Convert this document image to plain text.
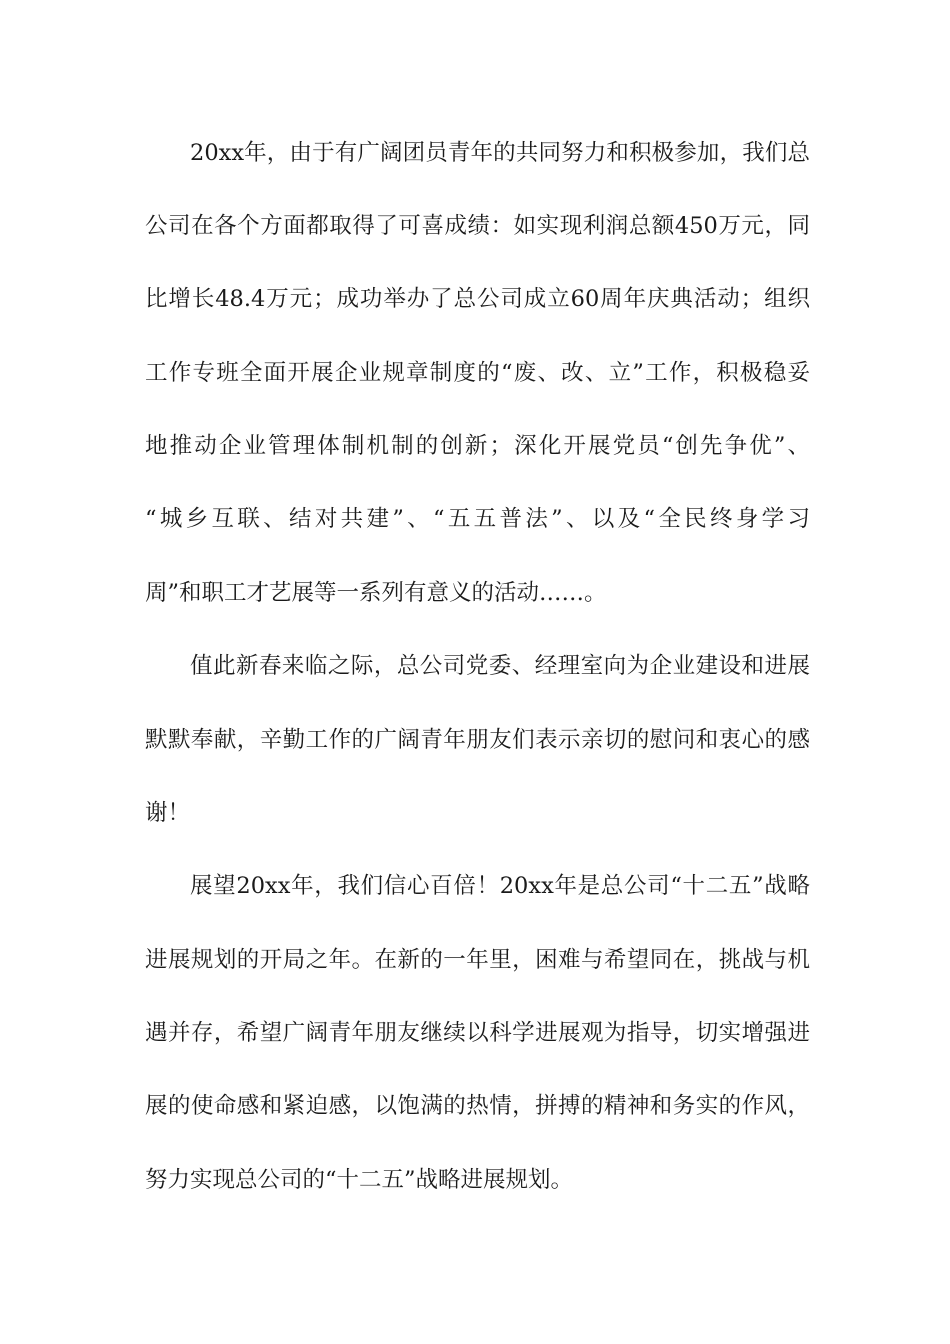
20xx年，由于有广阔团员青年的共同努力和积极参加，我们总
公司在各个方面都取得了可喜成绩：如实现利润总额450万元，同
比增长48.4万元；成功举办了总公司成立60周年庆典活动；组织
工作专班全面开展企业规章制度的“废、改、立”工作，积极稳妥
地推动企业管理体制机制的创新；深化开展党员“创先争优”、
“城乡互联、结对共建”、“五五普法”、以及“全民终身学习
周”和职工才艺展等一系列有意义的活动……。
值此新春来临之际，总公司党委、经理室向为企业建设和进展
默默奉献，辛勤工作的广阔青年朋友们表示亲切的慰问和衷心的感
谢！
展望20xx年，我们信心百倍！20xx年是总公司“十二五”战略
进展规划的开局之年。在新的一年里，困难与希望同在，挑战与机
遇并存，希望广阔青年朋友继续以科学进展观为指导，切实增强进
展的使命感和紧迫感，以饱满的热情，拼搏的精神和务实的作风，
努力实现总公司的“十二五”战略进展规划。
